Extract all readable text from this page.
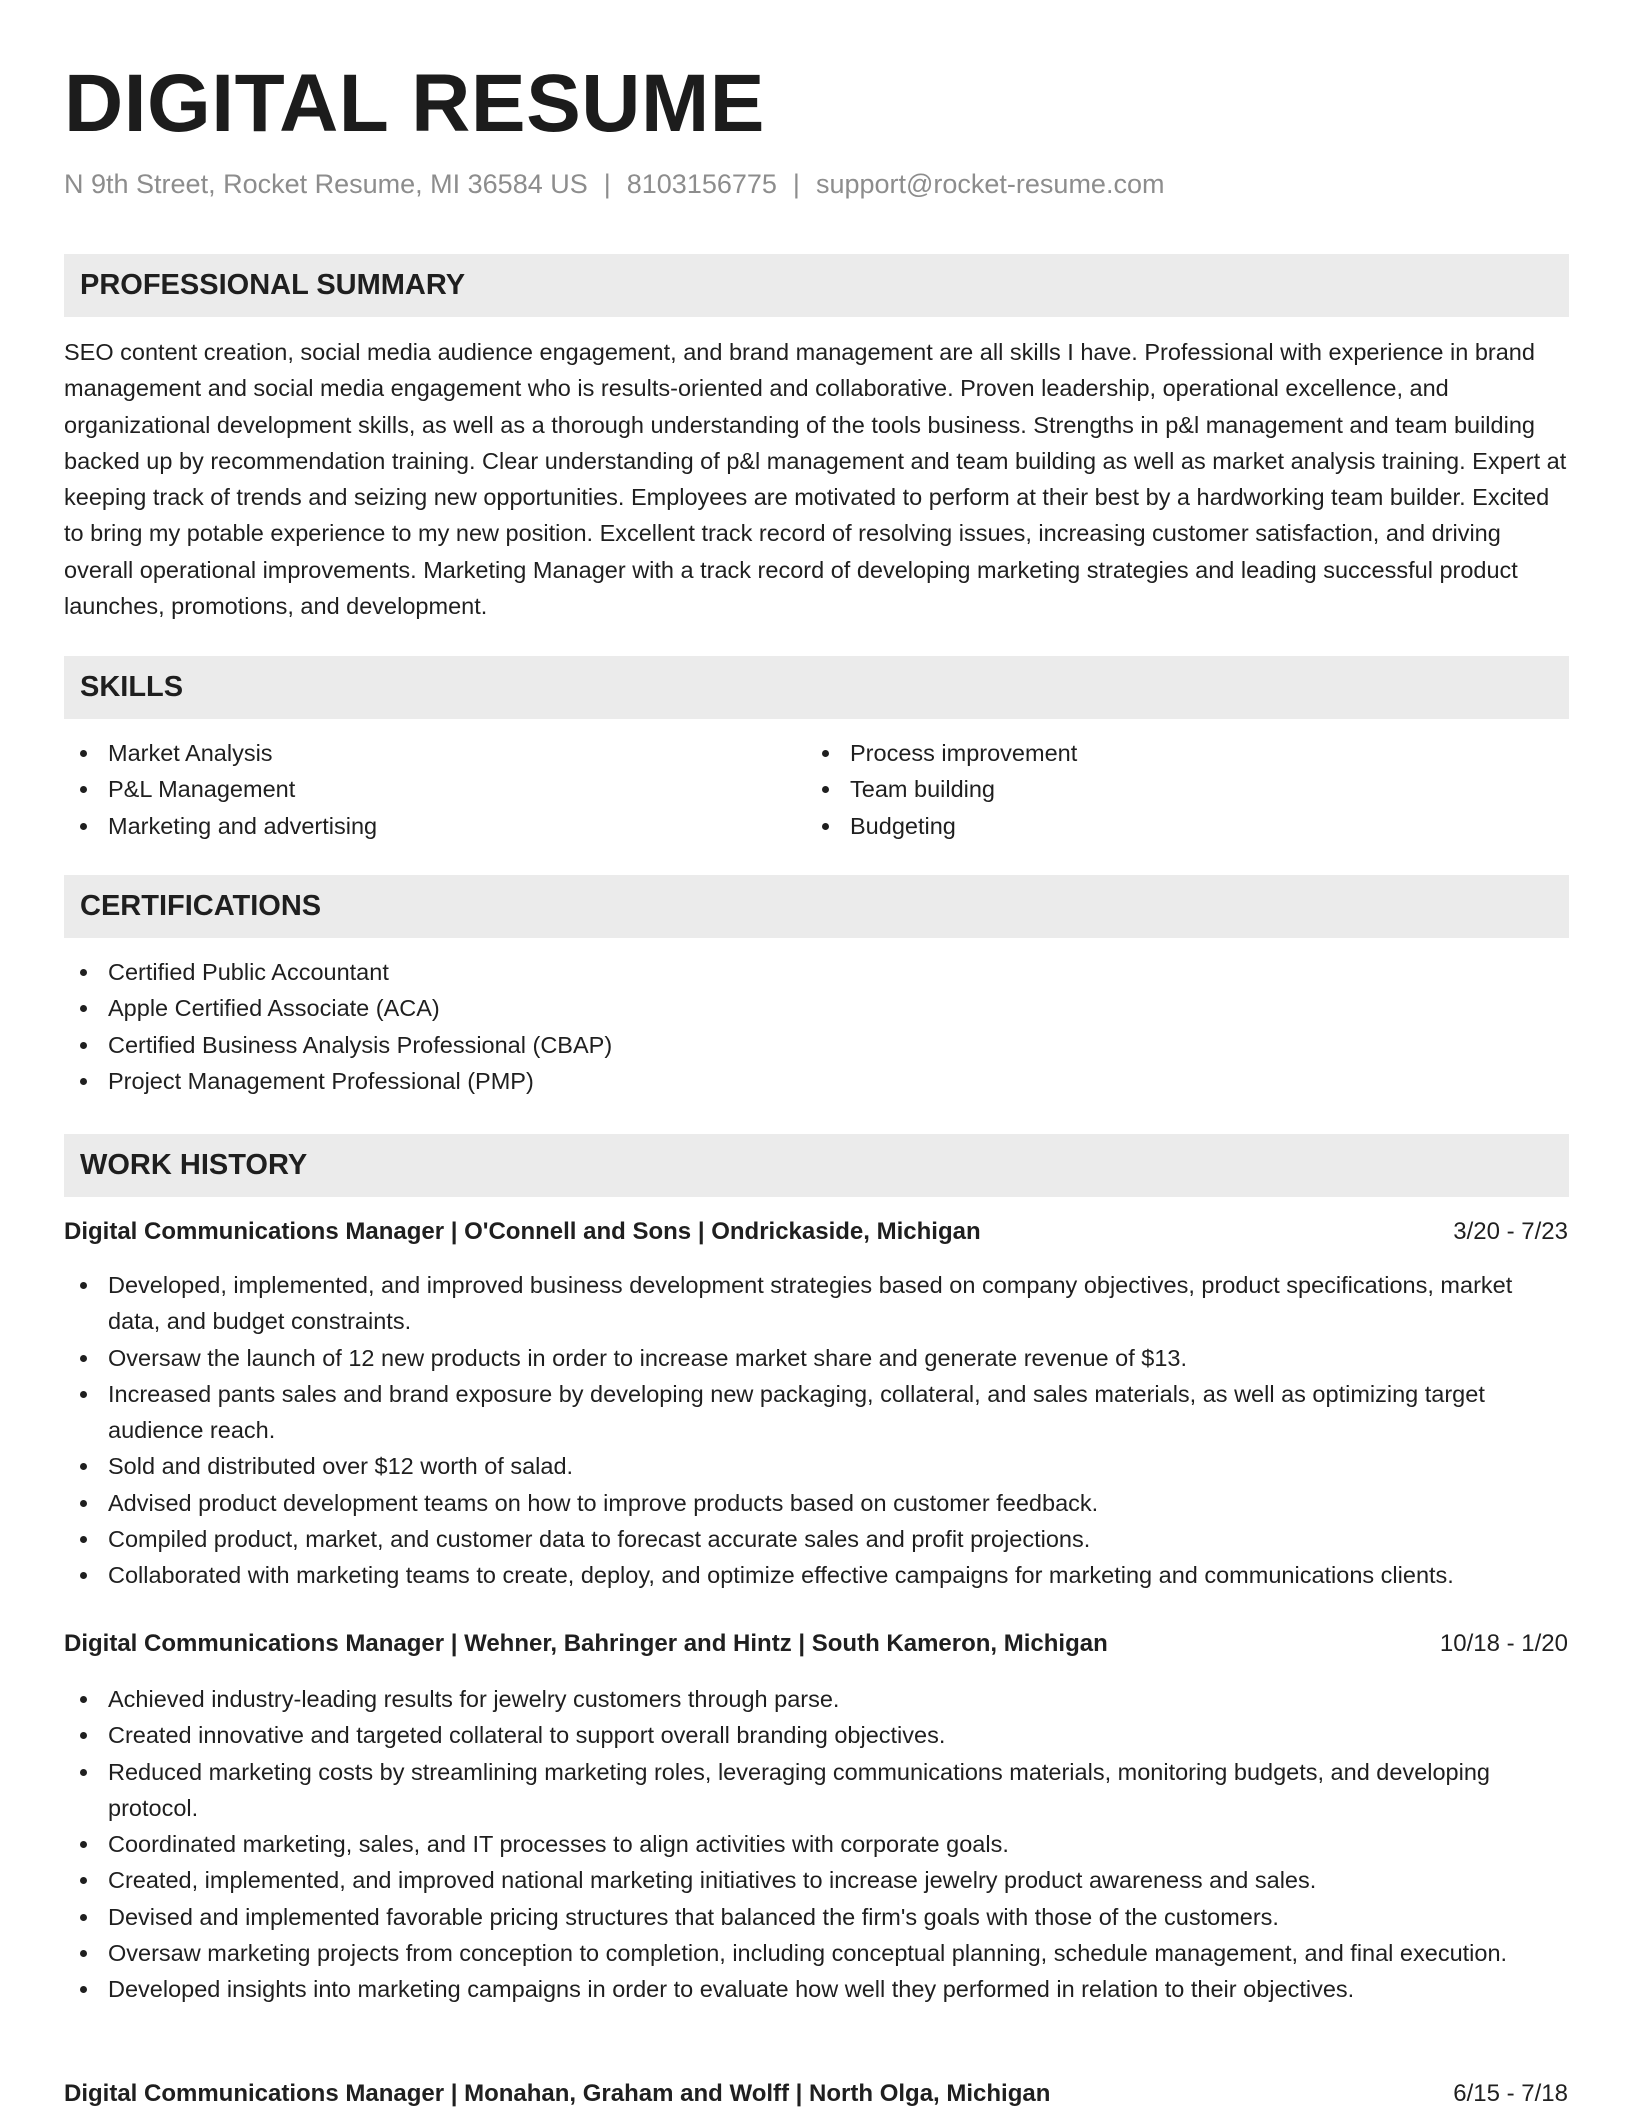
DIGITAL RESUME
N 9th Street, Rocket Resume, MI 36584 US | 8103156775 | support@rocket-resume.com
PROFESSIONAL SUMMARY

SEO content creation, social media audience engagement, and brand management are all skills I have. Professional with experience in brand management and social media engagement who is results-oriented and collaborative. Proven leadership, operational excellence, and organizational development skills, as well as a thorough understanding of the tools business. Strengths in p&l management and team building backed up by recommendation training. Clear understanding of p&l management and team building as well as market analysis training. Expert at keeping track of trends and seizing new opportunities. Employees are motivated to perform at their best by a hardworking team builder. Excited to bring my potable experience to my new position. Excellent track record of resolving issues, increasing customer satisfaction, and driving overall operational improvements. Marketing Manager with a track record of developing marketing strategies and leading successful product launches, promotions, and development.

SKILLS
Market Analysis
P&L Management
Marketing and advertising
Process improvement
Team building
Budgeting
CERTIFICATIONS
Certified Public Accountant
Apple Certified Associate (ACA)
Certified Business Analysis Professional (CBAP)
Project Management Professional (PMP)
WORK HISTORY
Digital Communications Manager | O'Connell and Sons | Ondrickaside, Michigan	3/20 - 7/23
Developed, implemented, and improved business development strategies based on company objectives, product specifications, market data, and budget constraints.
Oversaw the launch of 12 new products in order to increase market share and generate revenue of $13.
Increased pants sales and brand exposure by developing new packaging, collateral, and sales materials, as well as optimizing target audience reach.
Sold and distributed over $12 worth of salad.
Advised product development teams on how to improve products based on customer feedback.
Compiled product, market, and customer data to forecast accurate sales and profit projections.
Collaborated with marketing teams to create, deploy, and optimize effective campaigns for marketing and communications clients.
Digital Communications Manager | Wehner, Bahringer and Hintz | South Kameron, Michigan	10/18 - 1/20
Achieved industry-leading results for jewelry customers through parse.
Created innovative and targeted collateral to support overall branding objectives.
Reduced marketing costs by streamlining marketing roles, leveraging communications materials, monitoring budgets, and developing protocol.
Coordinated marketing, sales, and IT processes to align activities with corporate goals.
Created, implemented, and improved national marketing initiatives to increase jewelry product awareness and sales.
Devised and implemented favorable pricing structures that balanced the firm's goals with those of the customers.
Oversaw marketing projects from conception to completion, including conceptual planning, schedule management, and final execution.
Developed insights into marketing campaigns in order to evaluate how well they performed in relation to their objectives.
Digital Communications Manager | Monahan, Graham and Wolff | North Olga, Michigan	6/15 - 7/18
